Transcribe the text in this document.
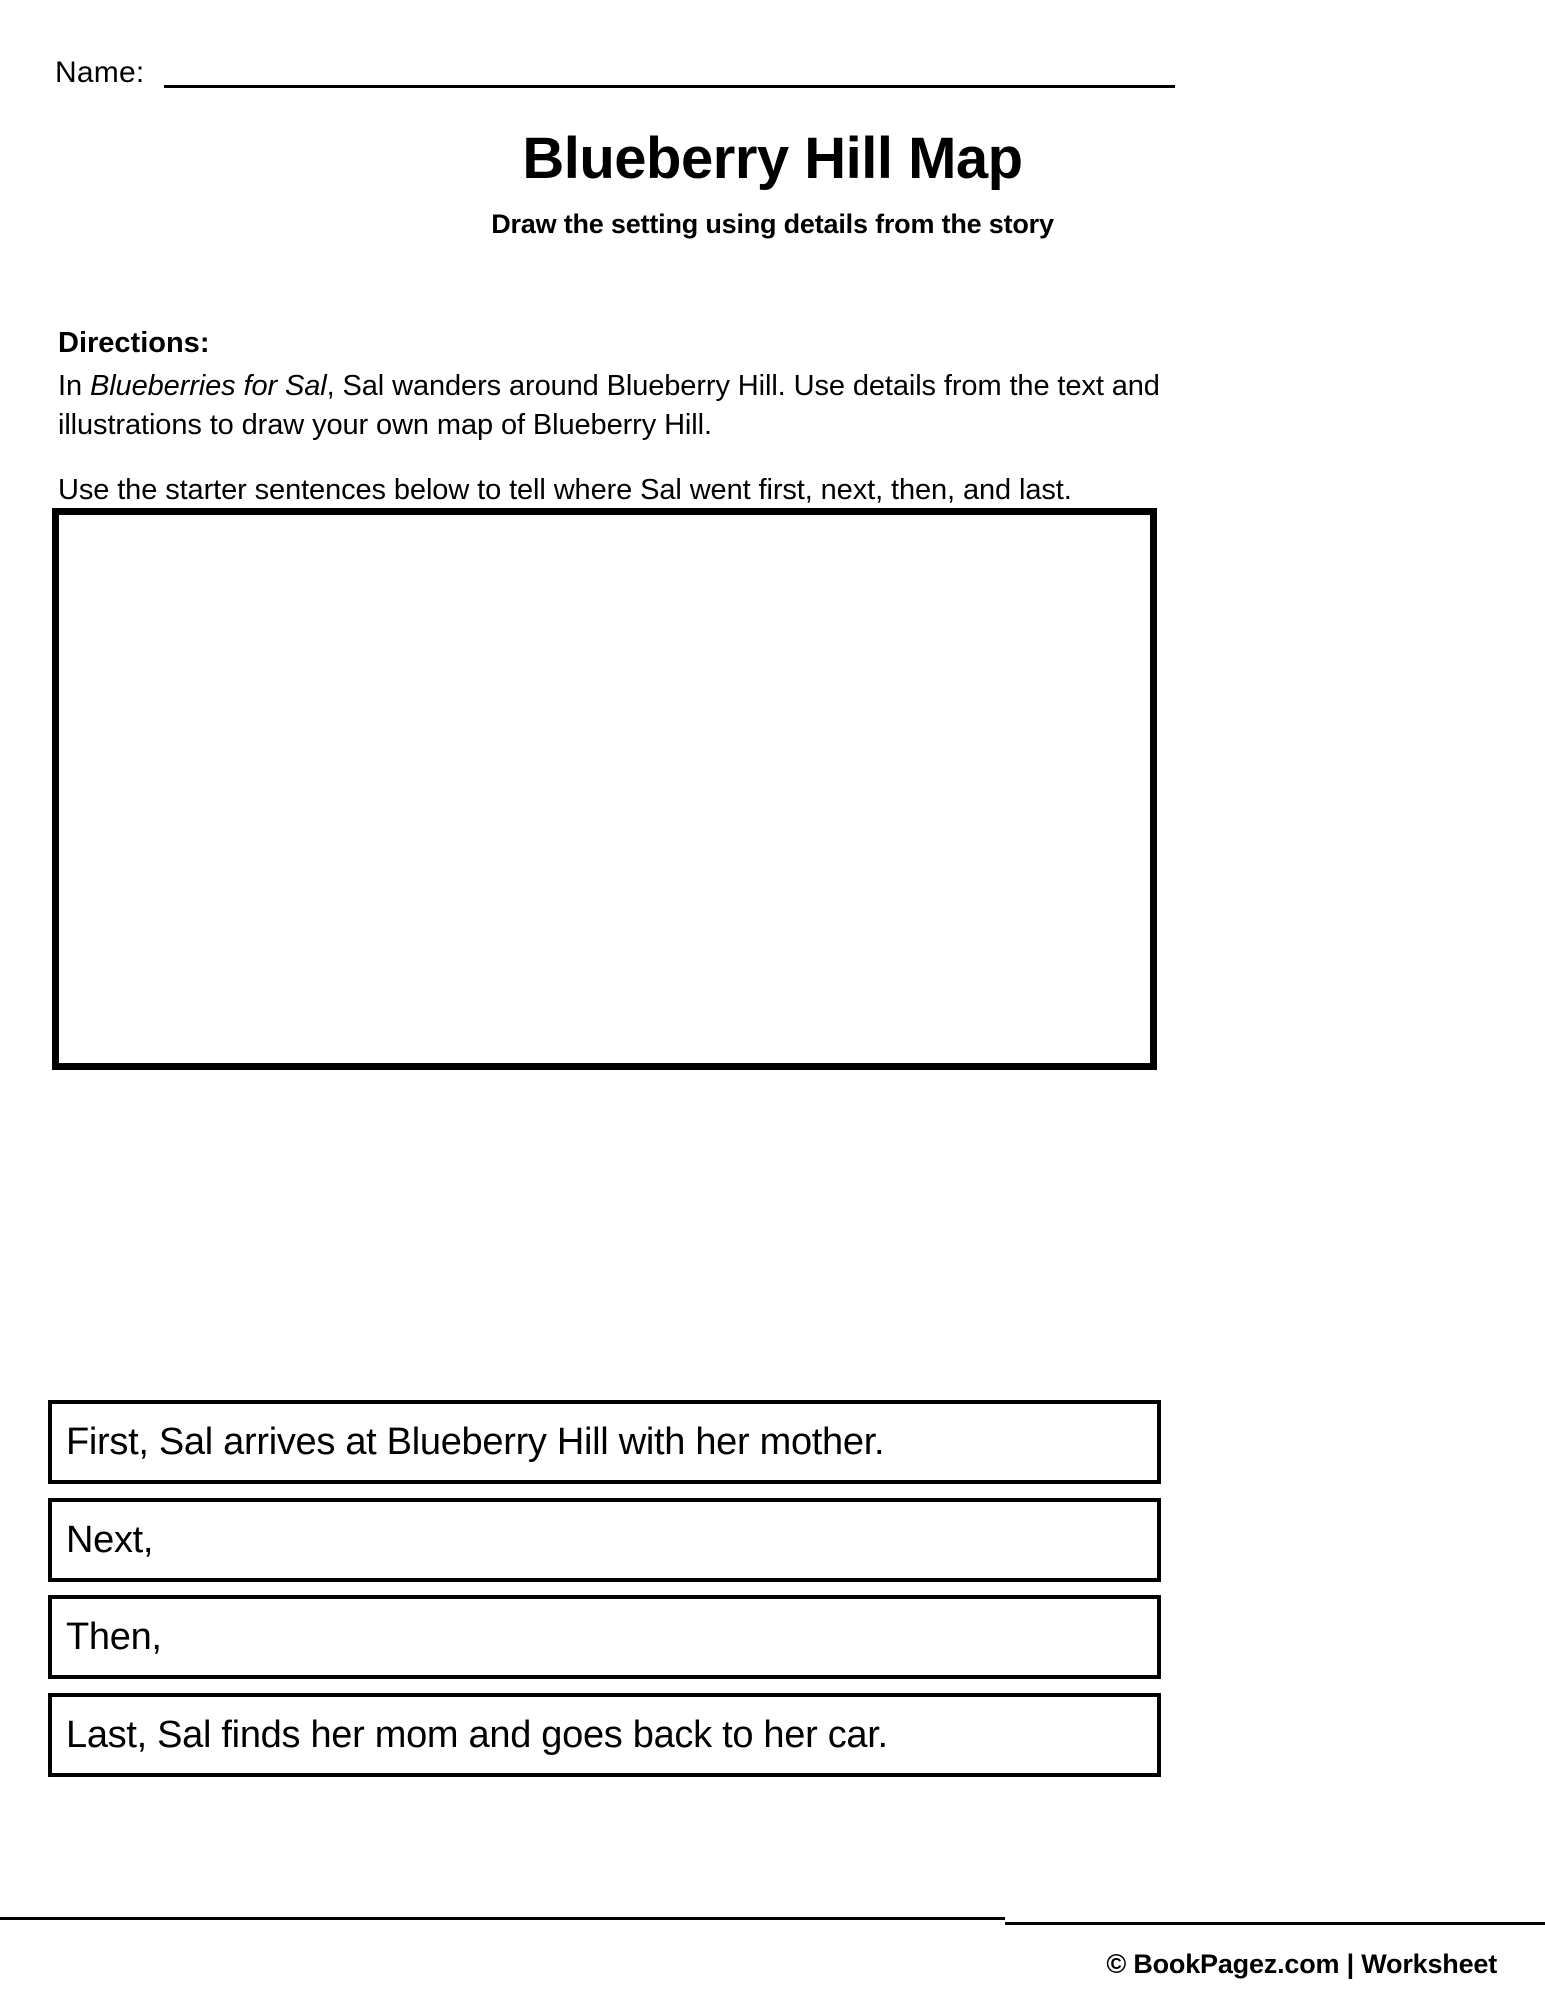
Name:
Blueberry Hill Map
Draw the setting using details from the story
Directions:
In Blueberries for Sal, Sal wanders around Blueberry Hill. Use details from the text and illustrations to draw your own map of Blueberry Hill.
Use the starter sentences below to tell where Sal went first, next, then, and last.
First, Sal arrives at Blueberry Hill with her mother.
Next,
Then,
Last, Sal finds her mom and goes back to her car.
© BookPagez.com | Worksheet
